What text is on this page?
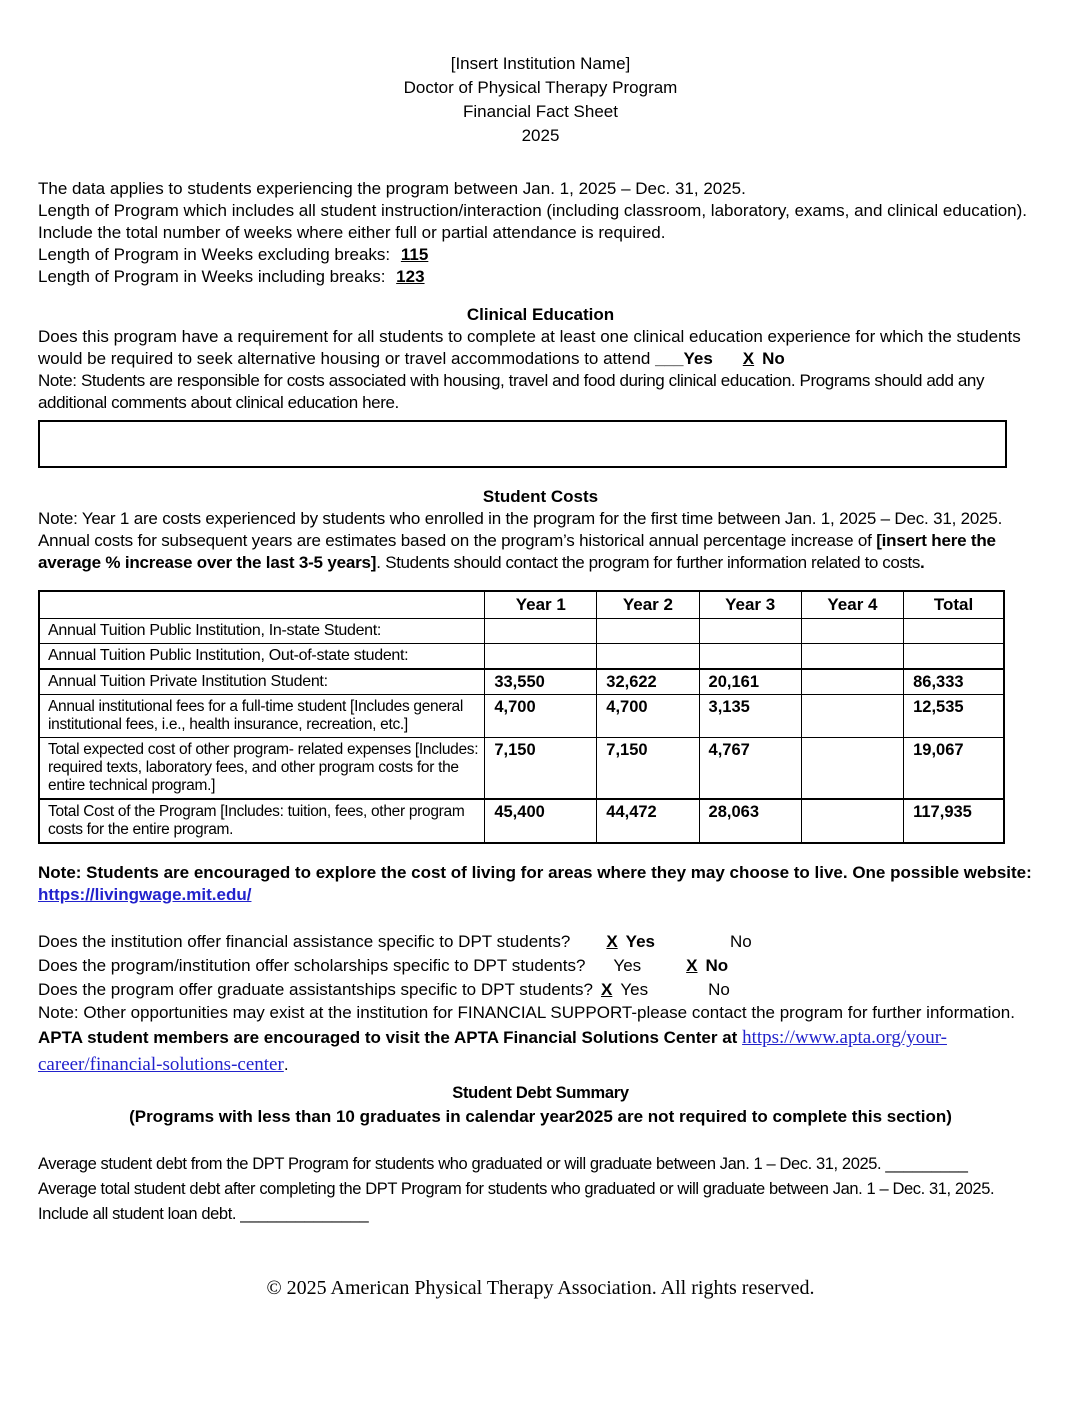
[Insert Institution Name]

Doctor of Physical Therapy Program

Financial Fact Sheet

2025

The data applies to students experiencing the program between Jan. 1, 2025 – Dec. 31, 2025.

Length of Program which includes all student instruction/interaction (including classroom, laboratory, exams, and clinical education). Include the total number of weeks where either full or partial attendance is required.

Length of Program in Weeks excluding breaks: 115

Length of Program in Weeks including breaks: 123

Clinical Education

Does this program have a requirement for all students to complete at least one clinical education experience for which the students would be required to seek alternative housing or travel accommodations to attend ___Yes X No

Note: Students are responsible for costs associated with housing, travel and food during clinical education. Programs should add any additional comments about clinical education here.

Student Costs

Note: Year 1 are costs experienced by students who enrolled in the program for the first time between Jan. 1, 2025 – Dec. 31, 2025. Annual costs for subsequent years are estimates based on the program’s historical annual percentage increase of [insert here the average % increase over the last 3-5 years]. Students should contact the program for further information related to costs.

	Year 1	Year 2	Year 3	Year 4	Total
Annual Tuition Public Institution, In-state Student:					
Annual Tuition Public Institution, Out-of-state student:					
Annual Tuition Private Institution Student:	33,550	32,622	20,161		86,333
Annual institutional fees for a full-time student [Includes general institutional fees, i.e., health insurance, recreation, etc.]	4,700	4,700	3,135		12,535
Total expected cost of other program- related expenses [Includes: required texts, laboratory fees, and other program costs for the entire technical program.]	7,150	7,150	4,767		19,067
Total Cost of the Program [Includes: tuition, fees, other program costs for the entire program.	45,400	44,472	28,063		117,935

Note: Students are encouraged to explore the cost of living for areas where they may choose to live. One possible website:

https://livingwage.mit.edu/

Does the institution offer financial assistance specific to DPT students? X Yes	No

Does the program/institution offer scholarships specific to DPT students? Yes	X No

Does the program offer graduate assistantships specific to DPT students? X Yes	No

Note: Other opportunities may exist at the institution for FINANCIAL SUPPORT-please contact the program for further information.

APTA student members are encouraged to visit the APTA Financial Solutions Center at https://www.apta.org/your-career/financial-solutions-center.

Student Debt Summary

(Programs with less than 10 graduates in calendar year2025 are not required to complete this section)

Average student debt from the DPT Program for students who graduated or will graduate between Jan. 1 – Dec. 31, 2025. _________

Average total student debt after completing the DPT Program for students who graduated or will graduate between Jan. 1 – Dec. 31, 2025.
Include all student loan debt. ______________

© 2025 American Physical Therapy Association. All rights reserved.
